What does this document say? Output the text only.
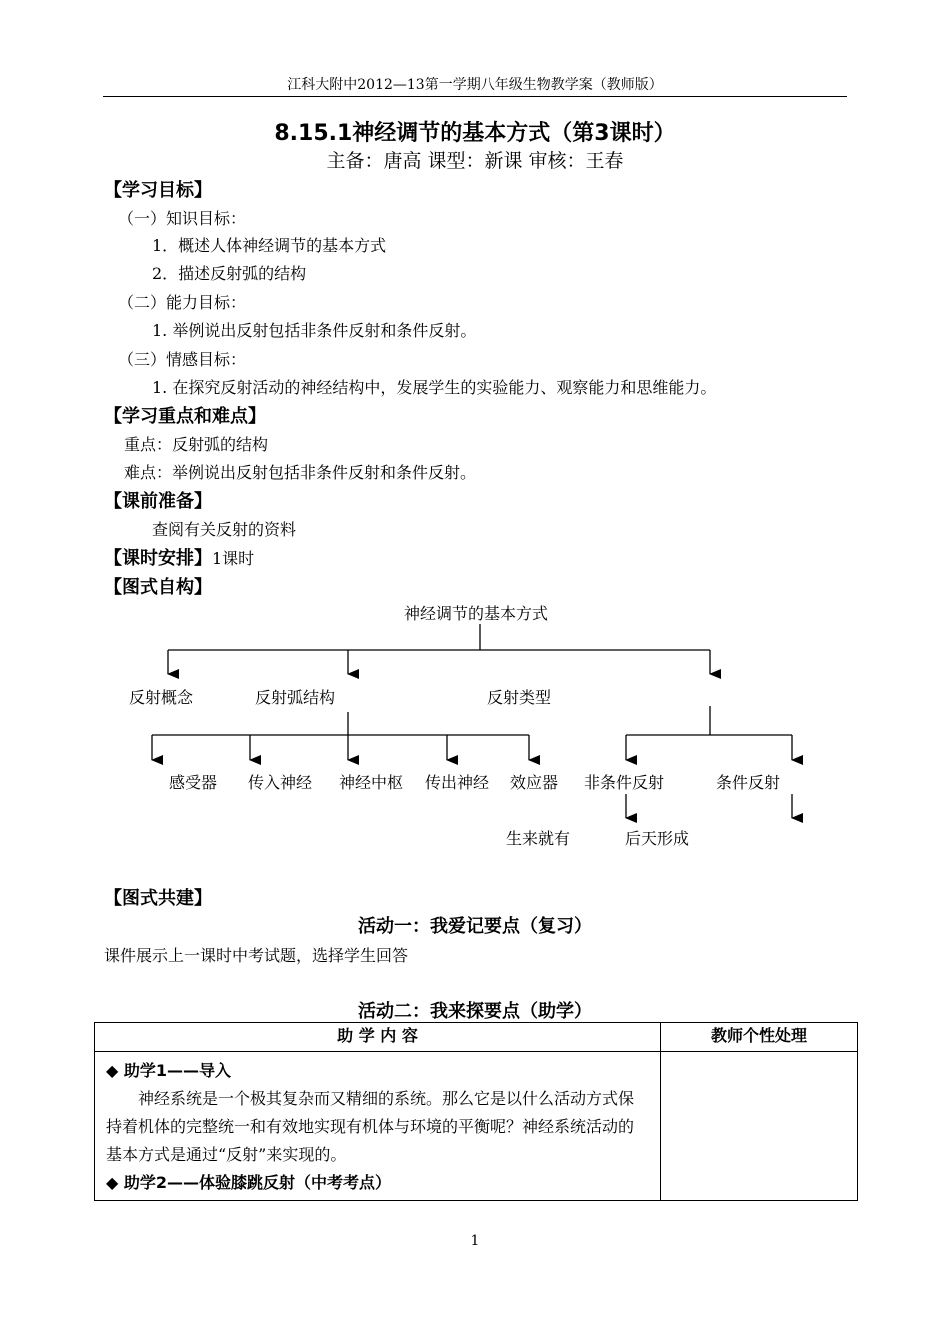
江科大附中2012—13第一学期八年级生物教学案（教师版）
8.15.1神经调节的基本方式（第3课时）
主备：唐高 课型：新课 审核：王春
【学习目标】
（一）知识目标：
1．概述人体神经调节的基本方式
2．描述反射弧的结构
（二）能力目标：
1. 举例说出反射包括非条件反射和条件反射。
（三）情感目标：
1. 在探究反射活动的神经结构中，发展学生的实验能力、观察能力和思维能力。
【学习重点和难点】
重点：反射弧的结构
难点：举例说出反射包括非条件反射和条件反射。
【课前准备】
查阅有关反射的资料
【课时安排】1课时
【图式自构】
神经调节的基本方式
反射概念	反射弧结构	反射类型
感受器 传入神经 神经中枢 传出神经 效应器 非条件反射	条件反射
生来就有	后天形成
【图式共建】
活动一：我爱记要点（复习）
课件展示上一课时中考试题，选择学生回答
活动二：我来探要点（助学）
助 学 内 容	教师个性处理

◆ 助学1——导入

神经系统是一个极其复杂而又精细的系统。那么它是以什么活动方式保持着机体的完整统一和有效地实现有机体与环境的平衡呢？神经系统活动的基本方式是通过“反射”来实现的。

◆ 助学2——体验膝跳反射（中考考点）	

1
